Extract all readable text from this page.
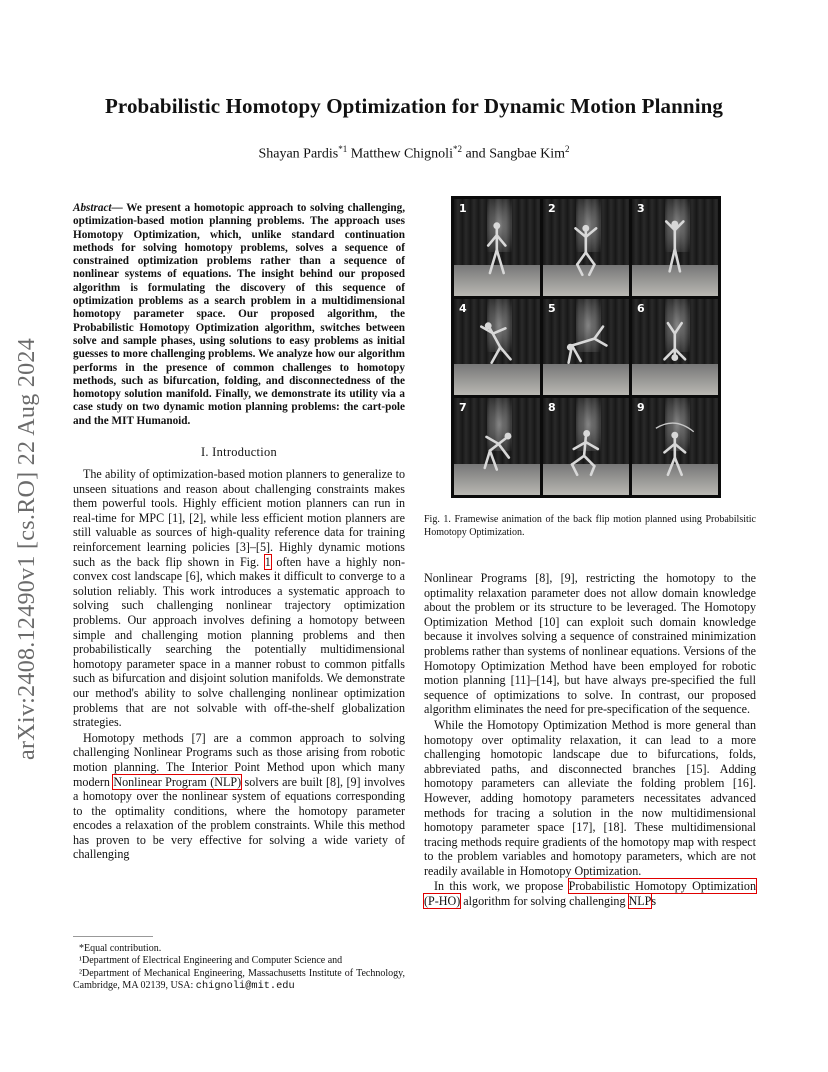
Probabilistic Homotopy Optimization for Dynamic Motion Planning
Shayan Pardis$^{*1}$ Matthew Chignoli$^{*2}$ and Sangbae Kim$^2$
arXiv:2408.12490v1 [cs.RO] 22 Aug 2024

Abstract— We present a homotopic approach to solving challenging, optimization-based motion planning problems. The approach uses Homotopy Optimization, which, unlike standard continuation methods for solving homotopy problems, solves a sequence of constrained optimization problems rather than a sequence of nonlinear systems of equations. The insight behind our proposed algorithm is formulating the discovery of this sequence of optimization problems as a search problem in a multidimensional homotopy parameter space. Our proposed algorithm, the Probabilistic Homotopy Optimization algorithm, switches between solve and sample phases, using solutions to easy problems as initial guesses to more challenging problems. We analyze how our algorithm performs in the presence of common challenges to homotopy methods, such as bifurcation, folding, and disconnectedness of the homotopy solution manifold. Finally, we demonstrate its utility via a case study on two dynamic motion planning problems: the cart-pole and the MIT Humanoid.

I. Introduction

The ability of optimization-based motion planners to generalize to unseen situations and reason about challenging constraints makes them powerful tools. Highly efficient motion planners can run in real-time for MPC [1], [2], while less efficient motion planners are still valuable as sources of high-quality reference data for training reinforcement learning policies [3]–[5]. Highly dynamic motions such as the back flip shown in Fig. 1 often have a highly non-convex cost landscape [6], which makes it difficult to converge to a solution reliably. This work introduces a systematic approach to solving such challenging nonlinear trajectory optimization problems. Our approach involves defining a homotopy between simple and challenging motion planning problems and then probabilistically searching the potentially multidimensional homotopy parameter space in a manner robust to common pitfalls such as bifurcation and disjoint solution manifolds. We demonstrate our method's ability to solve challenging nonlinear optimization problems that are not solvable with off-the-shelf globalization strategies.

Homotopy methods [7] are a common approach to solving challenging Nonlinear Programs such as those arising from robotic motion planning. The Interior Point Method upon which many modern Nonlinear Program (NLP) solvers are built [8], [9] involves a homotopy over the nonlinear system of equations corresponding to the optimality conditions, where the homotopy parameter encodes a relaxation of the problem constraints. While this method has proven to be very effective for solving a wide variety of challenging

*Equal contribution.

¹Department of Electrical Engineering and Computer Science and

²Department of Mechanical Engineering, Massachusetts Institute of Technology, Cambridge, MA 02139, USA: chignoli@mit.edu

1	2	3
4	5	6
7	8	9
Fig. 1. Framewise animation of the back flip motion planned using Probabilsitic Homotopy Optimization.

Nonlinear Programs [8], [9], restricting the homotopy to the optimality relaxation parameter does not allow domain knowledge about the problem or its structure to be leveraged. The Homotopy Optimization Method [10] can exploit such domain knowledge because it involves solving a sequence of constrained minimization problems rather than systems of nonlinear equations. Versions of the Homotopy Optimization Method have been employed for robotic motion planning [11]–[14], but have always pre-specified the full sequence of optimizations to solve. In contrast, our proposed algorithm eliminates the need for pre-specification of the sequence.

While the Homotopy Optimization Method is more general than homotopy over optimality relaxation, it can lead to a more challenging homotopic landscape due to bifurcations, folds, abbreviated paths, and disconnected branches [15]. Adding homotopy parameters can alleviate the folding problem [16]. However, adding homotopy parameters necessitates advanced methods for tracing a solution in the now multidimensional homotopy parameter space [17], [18]. These multidimensional tracing methods require gradients of the homotopy map with respect to the problem variables and homotopy parameters, which are not readily available in Homotopy Optimization.

In this work, we propose Probabilistic Homotopy Optimization (P-HO) algorithm for solving challenging NLPs
